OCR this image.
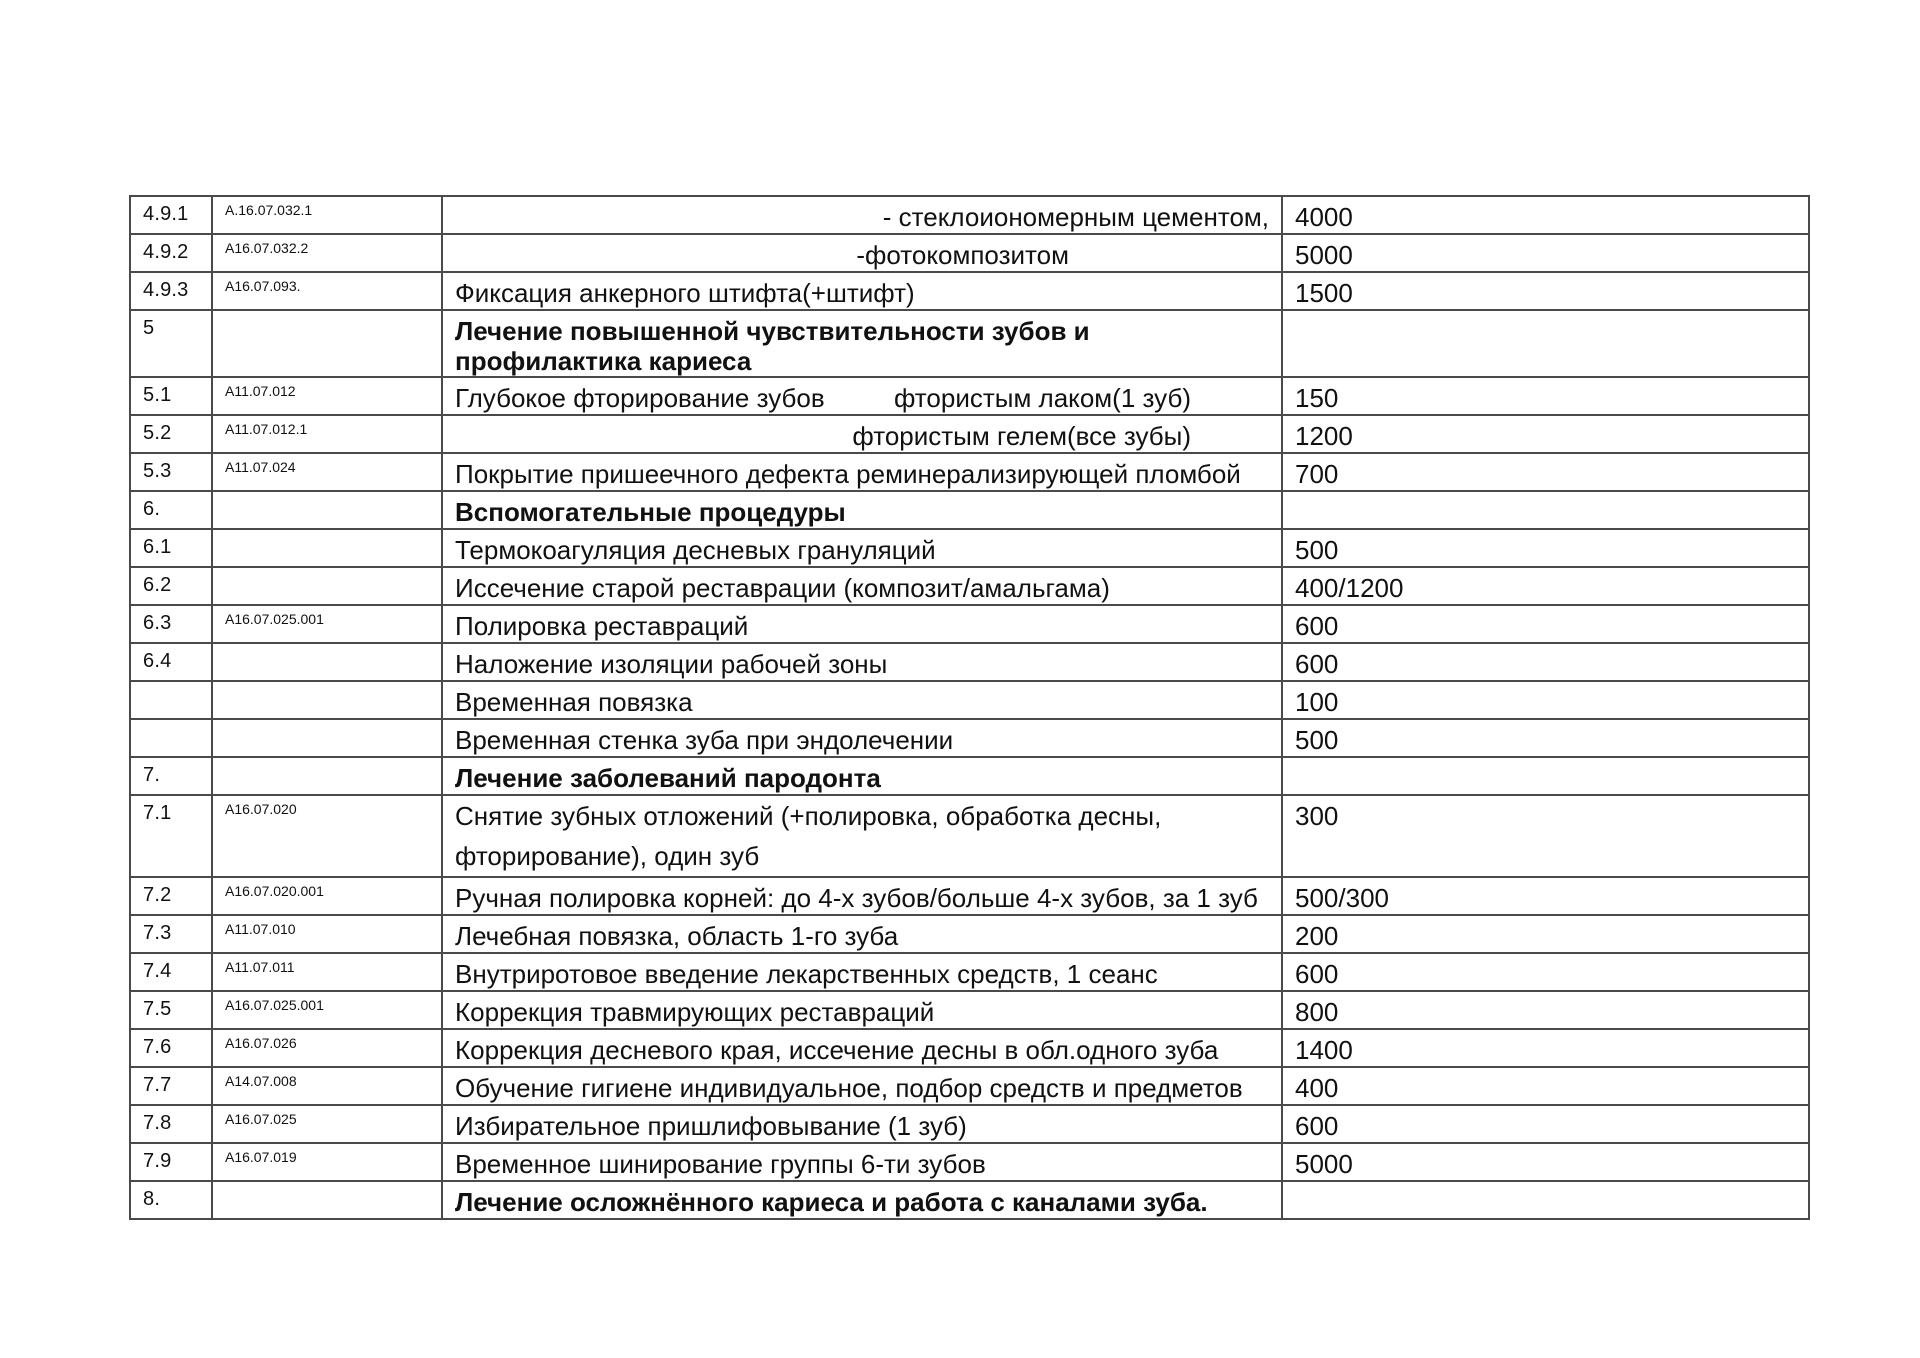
4.9.1	А.16.07.032.1	- стеклоиономерным цементом,	4000
4.9.2	А16.07.032.2	-фотокомпозитом	5000
4.9.3	А16.07.093.	Фиксация анкерного штифта(+штифт)	1500
5		Лечение повышенной чувствительности зубов и профилактика кариеса	

5.1	А11.07.012	Глубокое фторирование зубов фтористым лаком(1 зуб)	150
5.2	А11.07.012.1	фтористым гелем(все зубы)	1200
5.3	А11.07.024	Покрытие пришеечного дефекта реминерализирующей пломбой	700
6.		Вспомогательные процедуры	

6.1		Термокоагуляция десневых грануляций	500
6.2		Иссечение старой реставрации (композит/амальгама)	400/1200
6.3	А16.07.025.001	Полировка реставраций	600
6.4		Наложение изоляции рабочей зоны	600

		Временная повязка	100

		Временная стенка зуба при эндолечении	500
7.		Лечение заболеваний пародонта	

7.1	А16.07.020	Снятие зубных отложений (+полировка, обработка десны, фторирование), один зуб	300
7.2	А16.07.020.001	Ручная полировка корней: до 4-х зубов/больше 4-х зубов, за 1 зуб	500/300
7.3	А11.07.010	Лечебная повязка, область 1-го зуба	200
7.4	А11.07.011	Внутриротовое введение лекарственных средств, 1 сеанс	600
7.5	А16.07.025.001	Коррекция травмирующих реставраций	800
7.6	А16.07.026	Коррекция десневого края, иссечение десны в обл.одного зуба	1400
7.7	А14.07.008	Обучение гигиене индивидуальное, подбор средств и предметов	400
7.8	А16.07.025	Избирательное пришлифовывание (1 зуб)	600
7.9	А16.07.019	Временное шинирование группы 6-ти зубов	5000
8.		Лечение осложнённого кариеса и работа с каналами зуба.	
